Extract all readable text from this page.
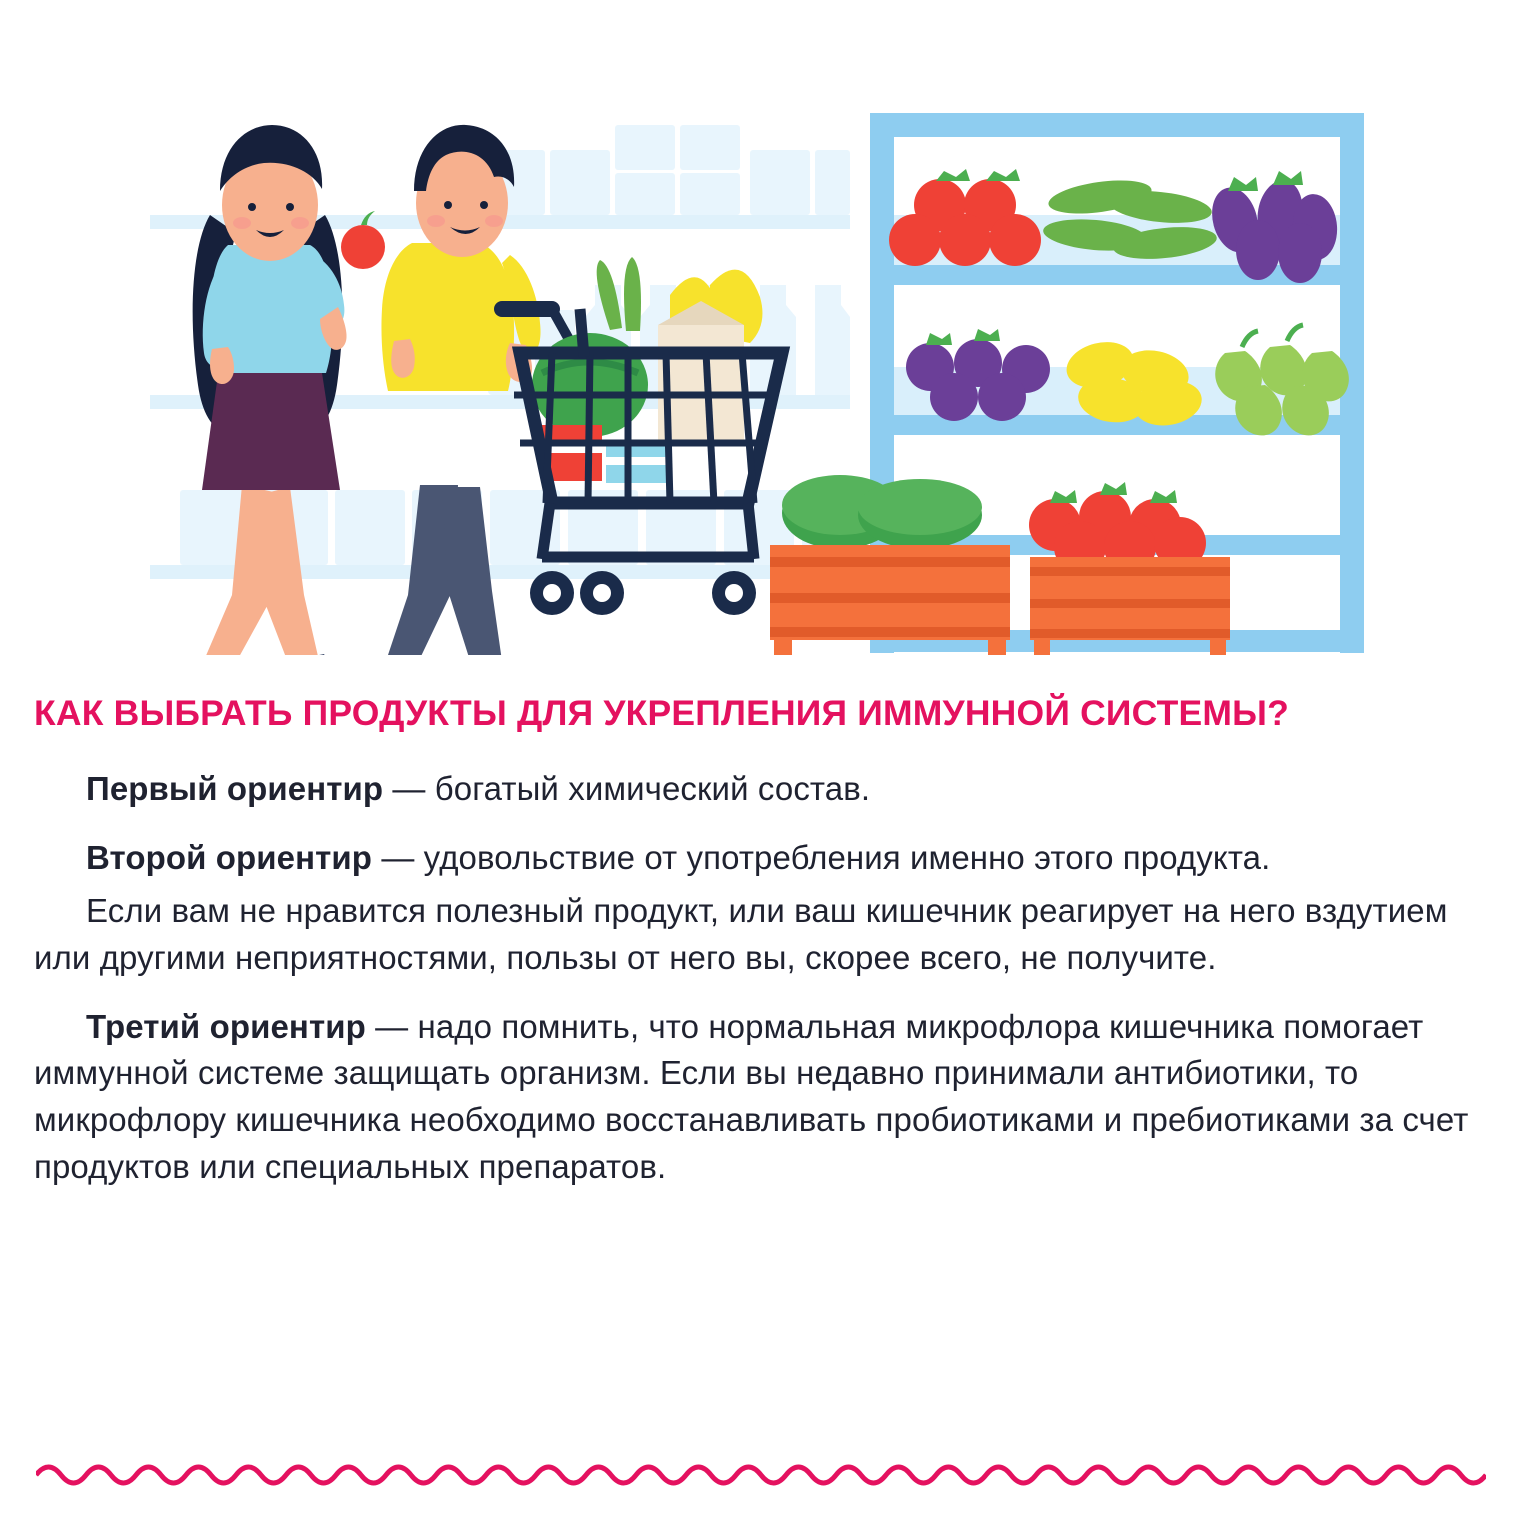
КАК ВЫБРАТЬ ПРОДУКТЫ ДЛЯ УКРЕПЛЕНИЯ ИММУННОЙ СИСТЕМЫ?

Первый ориентир — богатый химический состав.

Второй ориентир — удовольствие от употребления именно этого продукта.

Если вам не нравится полезный продукт, или ваш кишечник реагирует на него вздутием или другими неприятностями, пользы от него вы, скорее всего, не получите.

Третий ориентир — надо помнить, что нормальная микрофлора кишечника помогает иммунной системе защищать организм. Если вы недавно принимали антибиотики, то микрофлору кишечника необходимо восстанавливать пробиотиками и пребиотиками за счет продуктов или специальных препаратов.
